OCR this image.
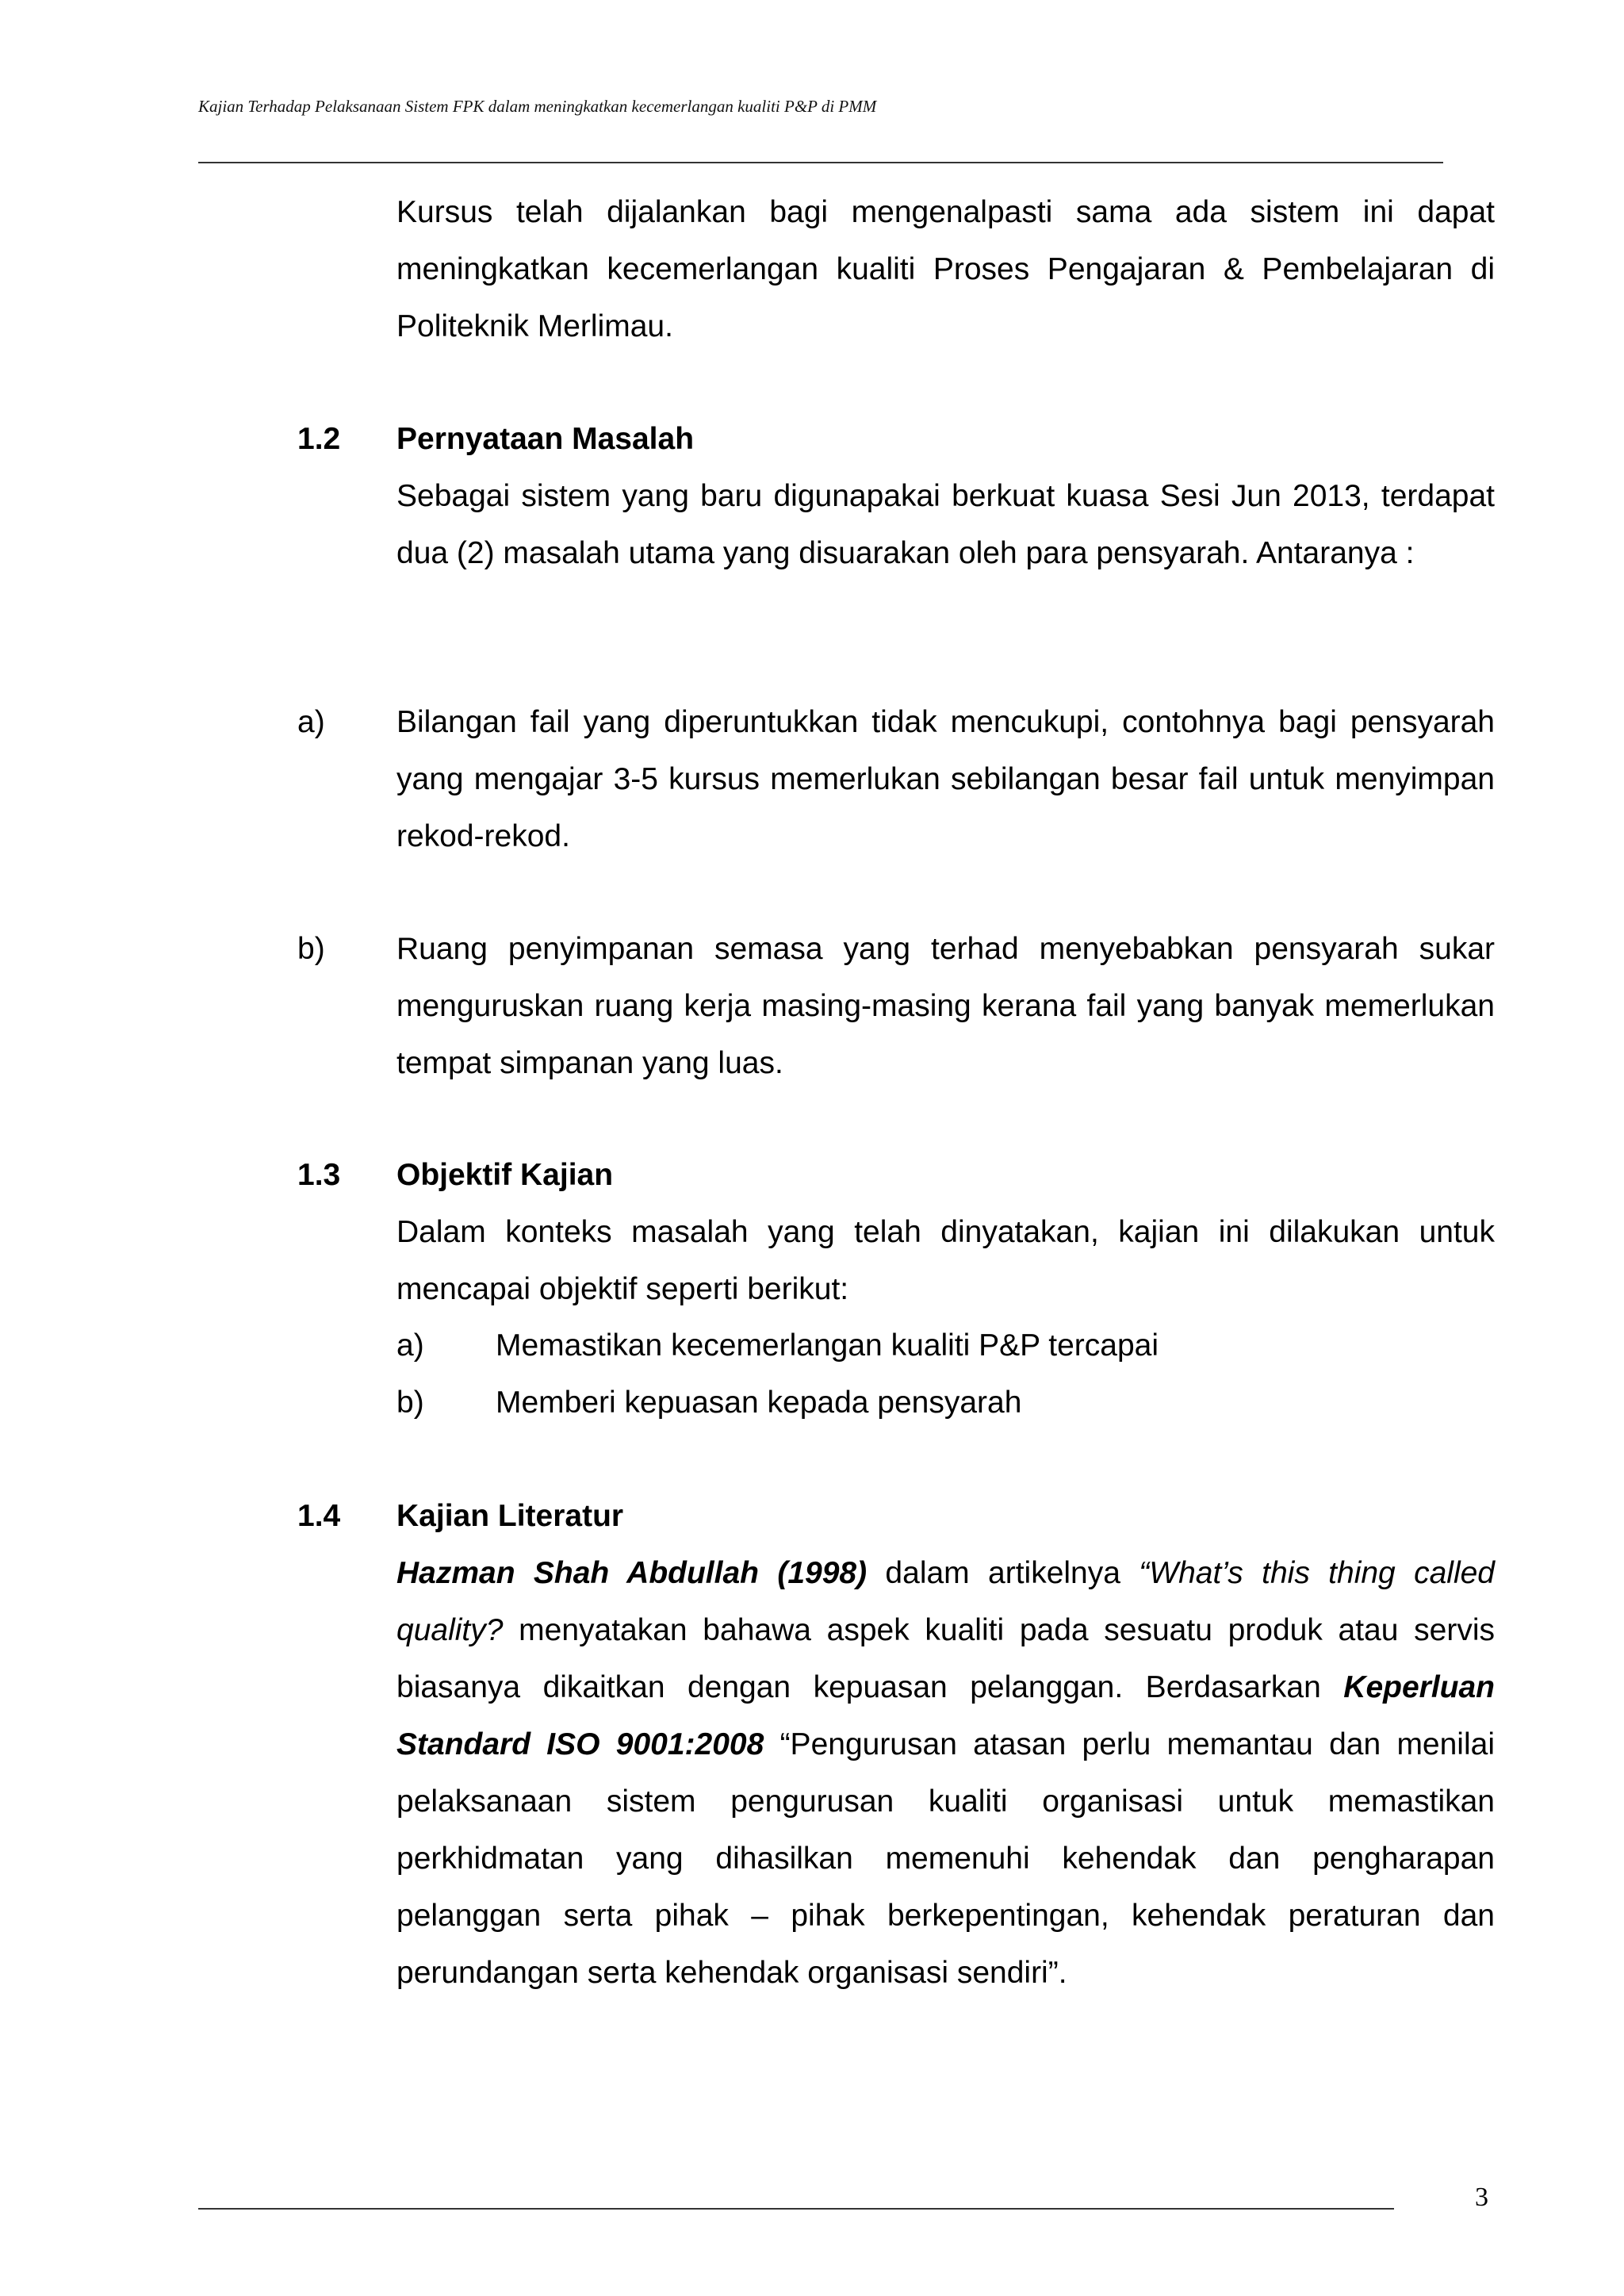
Kajian Terhadap Pelaksanaan Sistem FPK dalam meningkatkan kecemerlangan kualiti P&P di PMM
Kursus telah dijalankan bagi mengenalpasti sama ada sistem ini dapat meningkatkan kecemerlangan kualiti Proses Pengajaran & Pembelajaran di Politeknik Merlimau.
1.2 Pernyataan Masalah
Sebagai sistem yang baru digunapakai berkuat kuasa Sesi Jun 2013, terdapat dua (2) masalah utama yang disuarakan oleh para pensyarah. Antaranya :
a) Bilangan fail yang diperuntukkan tidak mencukupi, contohnya bagi pensyarah yang mengajar 3-5 kursus memerlukan sebilangan besar fail untuk menyimpan rekod-rekod.
b) Ruang penyimpanan semasa yang terhad menyebabkan pensyarah sukar menguruskan ruang kerja masing-masing kerana fail yang banyak memerlukan tempat simpanan yang luas.
1.3 Objektif Kajian
Dalam konteks masalah yang telah dinyatakan, kajian ini dilakukan untuk mencapai objektif seperti berikut:
a) Memastikan kecemerlangan kualiti P&P tercapai
b) Memberi kepuasan kepada pensyarah
1.4 Kajian Literatur
Hazman Shah Abdullah (1998) dalam artikelnya “What’s this thing called quality? menyatakan bahawa aspek kualiti pada sesuatu produk atau servis biasanya dikaitkan dengan kepuasan pelanggan. Berdasarkan Keperluan Standard ISO 9001:2008 “Pengurusan atasan perlu memantau dan menilai pelaksanaan sistem pengurusan kualiti organisasi untuk memastikan perkhidmatan yang dihasilkan memenuhi kehendak dan pengharapan pelanggan serta pihak – pihak berkepentingan, kehendak peraturan dan perundangan serta kehendak organisasi sendiri”.
3
